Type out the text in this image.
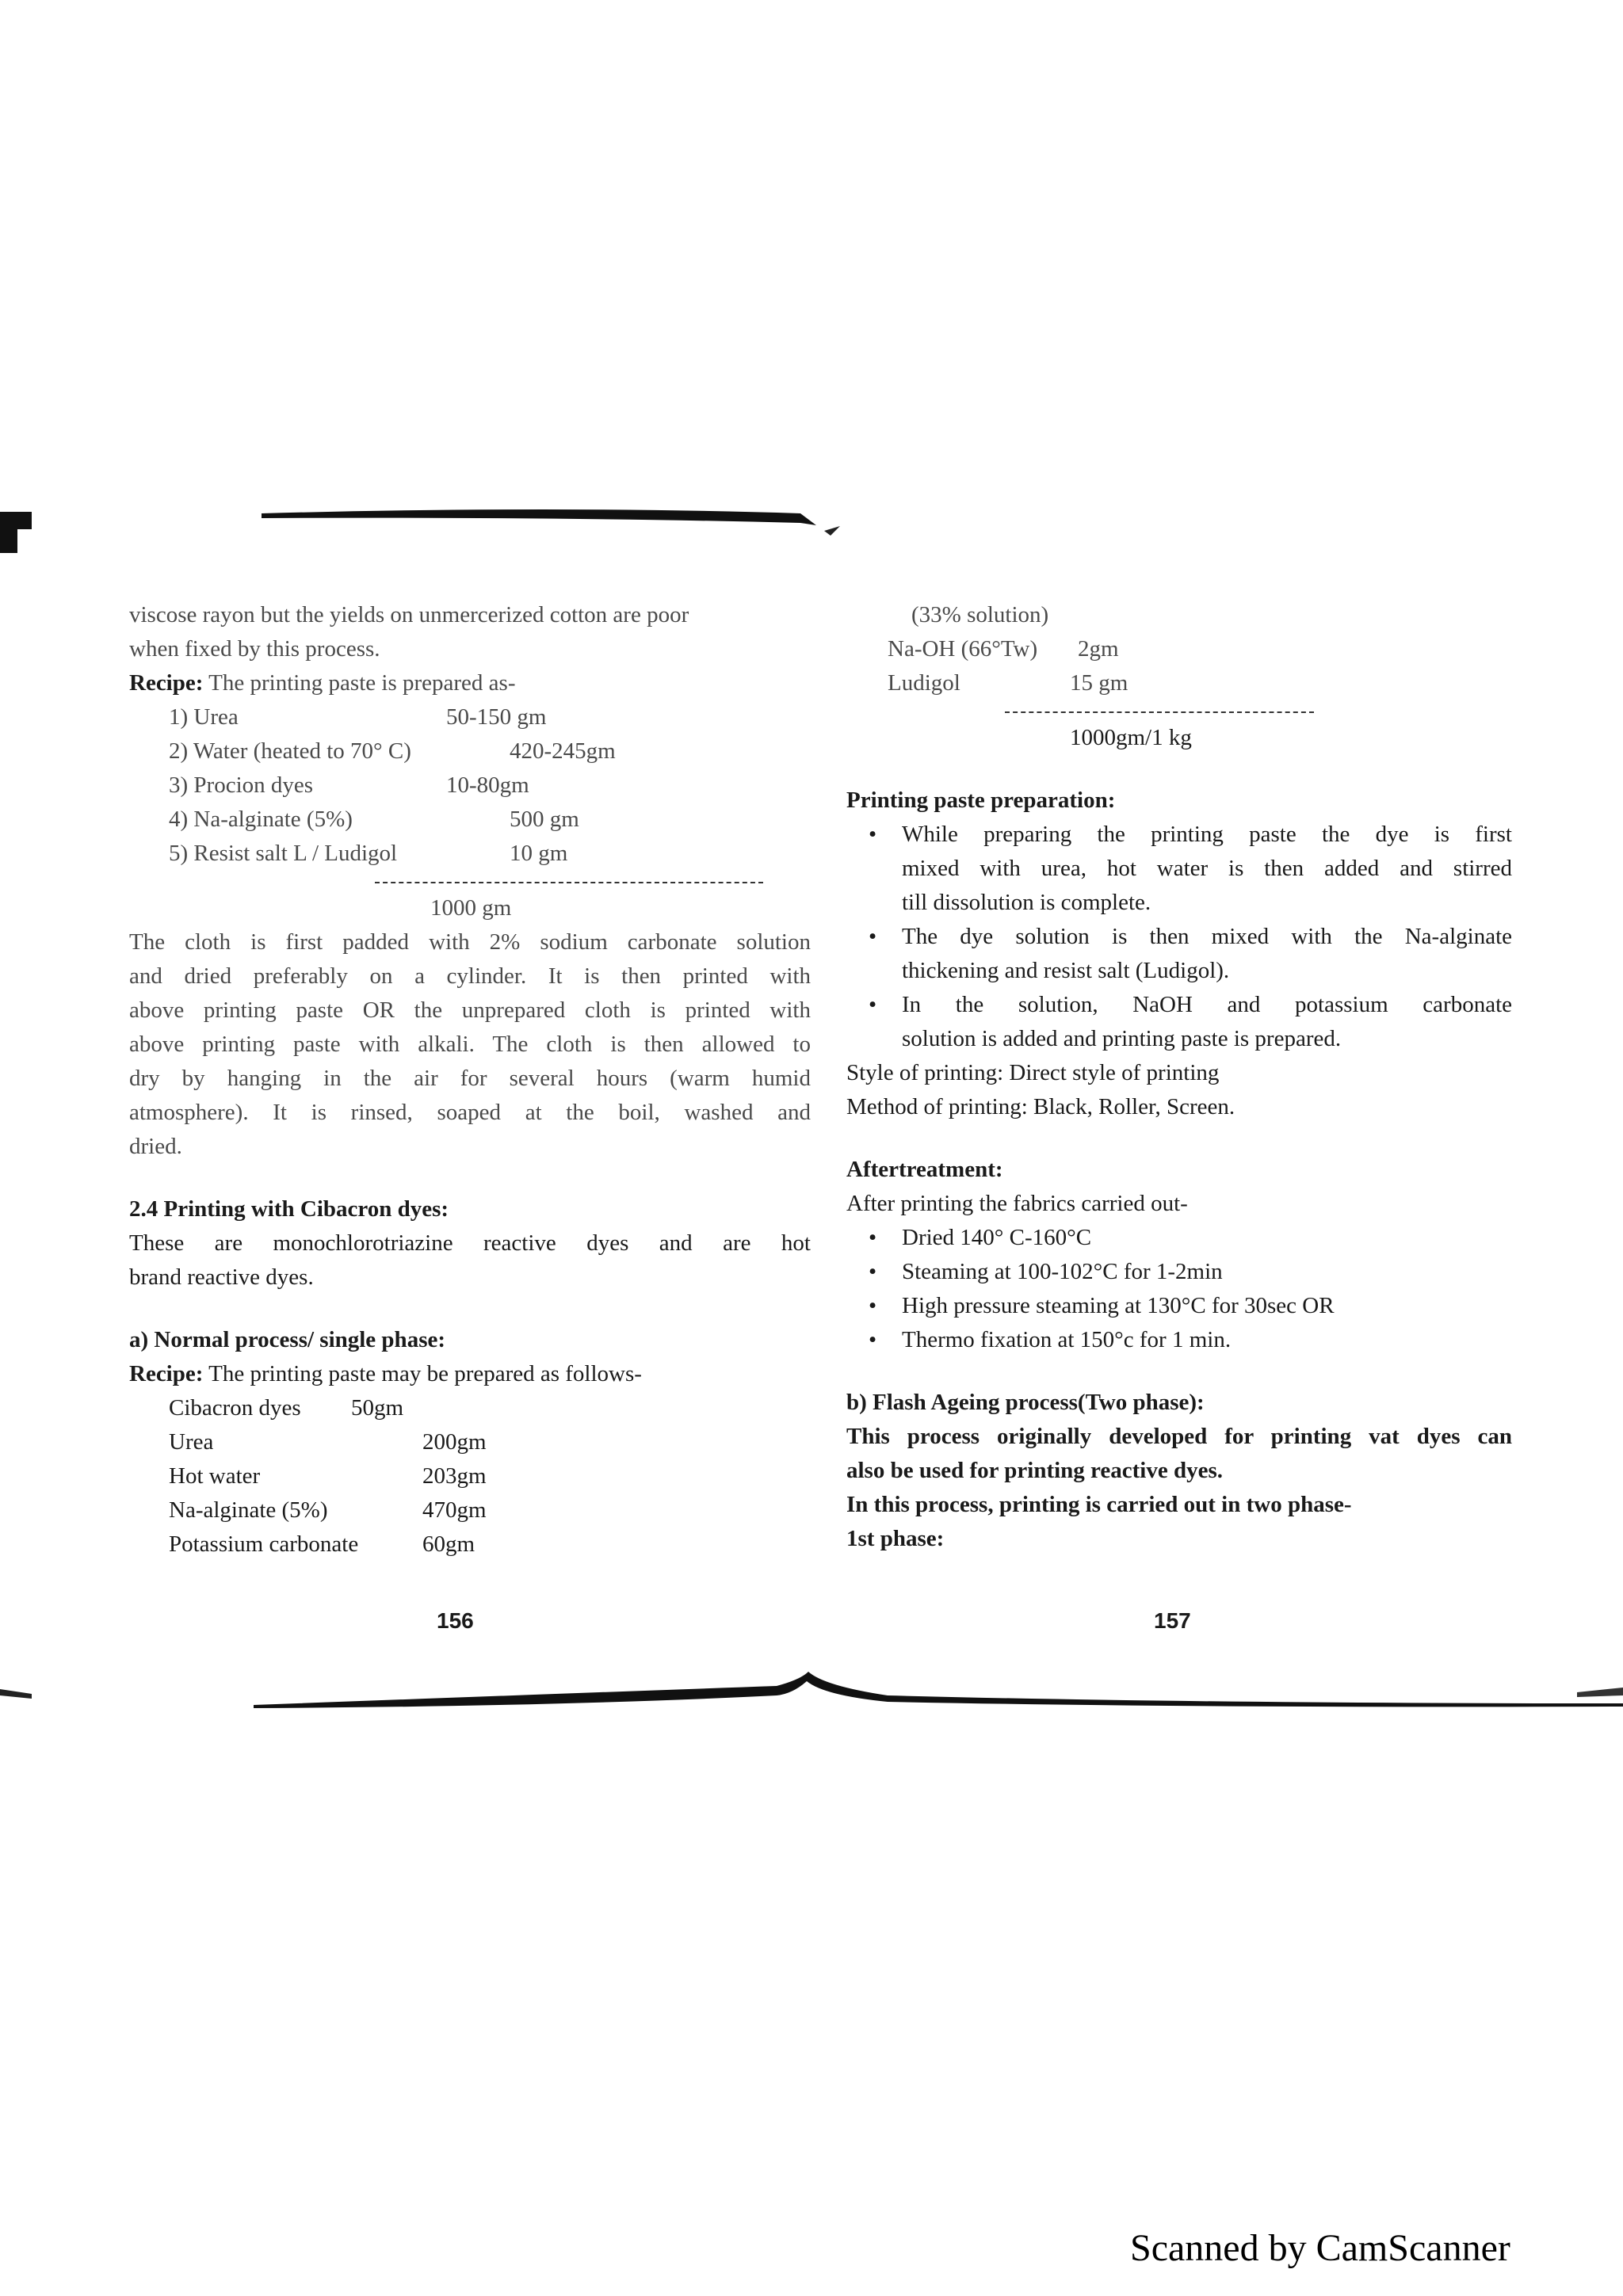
viscose rayon but the yields on unmercerized cotton are poor
when fixed by this process.
Recipe: The printing paste is prepared as-
1) Urea	50-150 gm
2) Water (heated to 70° C)	420-245gm
3) Procion dyes	10-80gm
4) Na-alginate (5%)	500 gm
5) Resist salt L / Ludigol	10 gm
1000 gm
The cloth is first padded with 2% sodium carbonate solution
and dried preferably on a cylinder. It is then printed with
above printing paste OR the unprepared cloth is printed with
above printing paste with alkali. The cloth is then allowed to
dry by hanging in the air for several hours (warm humid
atmosphere). It is rinsed, soaped at the boil, washed and
dried.
2.4 Printing with Cibacron dyes:
These are monochlorotriazine reactive dyes and are hot
brand reactive dyes.
a) Normal process/ single phase:
Recipe: The printing paste may be prepared as follows-
Cibacron dyes	50gm
Urea	200gm
Hot water	203gm
Na-alginate (5%)	470gm
Potassium carbonate	60gm
156
(33% solution)
Na-OH (66°Tw)	2gm
Ludigol	15 gm
1000gm/1 kg
Printing paste preparation:
• While preparing the printing paste the dye is first
mixed with urea, hot water is then added and stirred
till dissolution is complete.
• The dye solution is then mixed with the Na-alginate
thickening and resist salt (Ludigol).
• In the solution, NaOH and potassium carbonate
solution is added and printing paste is prepared.
Style of printing: Direct style of printing
Method of printing: Black, Roller, Screen.
Aftertreatment:
After printing the fabrics carried out-
• Dried 140° C-160°C
• Steaming at 100-102°C for 1-2min
• High pressure steaming at 130°C for 30sec OR
• Thermo fixation at 150°c for 1 min.
b) Flash Ageing process(Two phase):
This process originally developed for printing vat dyes can
also be used for printing reactive dyes.
In this process, printing is carried out in two phase-
1st phase:
157
Scanned by CamScanner
